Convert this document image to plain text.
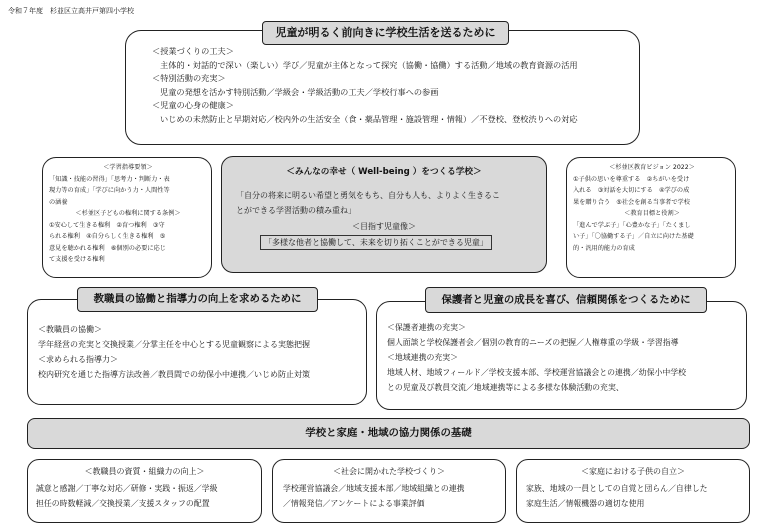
令和７年度　杉並区立高井戸第四小学校
＜授業づくりの工夫＞
主体的・対話的で深い（楽しい）学び／児童が主体となって探究（協働・協働）する活動／地域の教育資源の活用
＜特別活動の充実＞
児童の発想を活かす特別活動／学級会・学級活動の工夫／学校行事への参画
＜児童の心身の健康＞
いじめの未然防止と早期対応／校内外の生活安全（食・薬品管理・施設管理・情報）／不登校、登校渋りへの対応
児童が明るく前向きに学校生活を送るために
＜学習指導要領＞
「知識・技能の習得」「思考力・判断力・表
現力等の育成」「学びに向かう力・人間性等
の涵養
＜杉並区子どもの権利に関する条例＞
①安心して生きる権利　②育つ権利　③守
られる権利　④自分らしく生きる権利　⑤
意見を聴かれる権利　⑥個別の必要に応じ
て支援を受ける権利
＜みんなの幸せ（ Well-being ）をつくる学校＞
「自分の将来に明るい希望と勇気をもち、自分も人も、よりよく生きるこ
とができる学習活動の積み重ね」
＜目指す児童像＞
「多様な他者と協働して、未来を切り拓くことができる児童」
＜杉並区教育ビジョン 2022＞
①子供の思いを尊重する　②ちがいを受け
入れる　③対話を大切にする　④学びの成
果を贈り合う　⑤社会を創る当事者で学校
＜教育目標と役割＞
「進んで学ぶ子」「心豊かな子」「たくまし
い子」「〇協働する子」／自立に向けた基礎
的・汎用的能力の育成
＜教職員の協働＞
学年経営の充実と交換授業／分掌主任を中心とする児童観察による実態把握
＜求められる指導力＞
校内研究を通じた指導方法改善／教員間での幼保小中連携／いじめ防止対策
教職員の協働と指導力の向上を求めるために
＜保護者連携の充実＞
個人面談と学校保護者会／個別の教育的ニーズの把握／人権尊重の学級・学習指導
＜地域連携の充実＞
地域人材、地域フィールド／学校支援本部、学校運営協議会との連携／幼保小中学校
との児童及び教員交流／地域連携等による多様な体験活動の充実、
保護者と児童の成長を喜び、信頼関係をつくるために
学校と家庭・地域の協力関係の基礎
＜教職員の資質・組織力の向上＞
誠意と感謝／丁寧な対応／研修・実践・振返／学級
担任の時数軽減／交換授業／支援スタッフの配置
＜社会に開かれた学校づくり＞
学校運営協議会／地域支援本部／地域組織との連携
／情報発信／アンケートによる事業評価
＜家庭における子供の自立＞
家族、地域の一員としての自覚と団らん／自律した
家庭生活／情報機器の適切な使用
